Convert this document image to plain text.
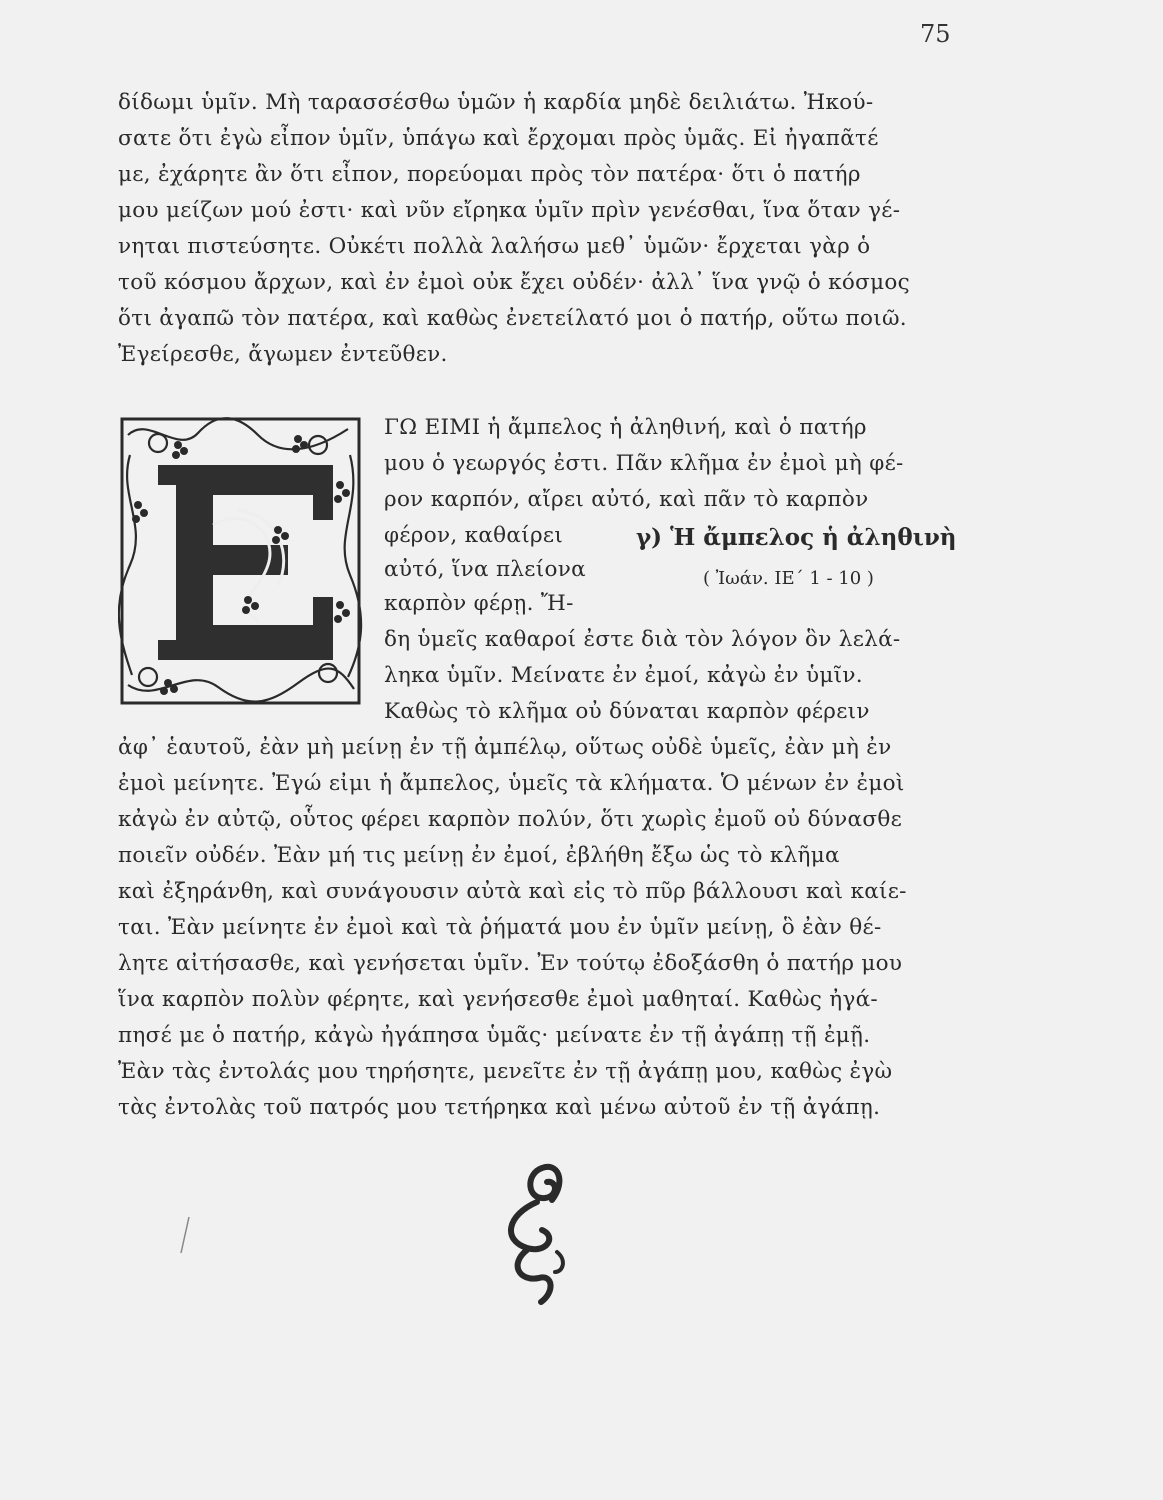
75
δίδωμι ὑμῖν. Μὴ ταρασσέσθω ὑμῶν ἡ καρδία μηδὲ δειλιάτω. Ἠκού-
σατε ὅτι ἐγὼ εἶπον ὑμῖν, ὑπάγω καὶ ἔρχομαι πρὸς ὑμᾶς. Εἰ ἠγαπᾶτέ
με, ἐχάρητε ἂν ὅτι εἶπον, πορεύομαι πρὸς τὸν πατέρα· ὅτι ὁ πατήρ
μου μείζων μού ἐστι· καὶ νῦν εἴρηκα ὑμῖν πρὶν γενέσθαι, ἵνα ὅταν γέ-
νηται πιστεύσητε. Οὐκέτι πολλὰ λαλήσω μεθ᾿ ὑμῶν· ἔρχεται γὰρ ὁ
τοῦ κόσμου ἄρχων, καὶ ἐν ἐμοὶ οὐκ ἔχει οὐδέν· ἀλλ᾿ ἵνα γνῷ ὁ κόσμος
ὅτι ἀγαπῶ τὸν πατέρα, καὶ καθὼς ἐνετείλατό μοι ὁ πατήρ, οὕτω ποιῶ.
Ἐγείρεσθε, ἄγωμεν ἐντεῦθεν.
ΓΩ ΕΙΜΙ ἡ ἄμπελος ἡ ἀληθινή, καὶ ὁ πατήρ
μου ὁ γεωργός ἐστι. Πᾶν κλῆμα ἐν ἐμοὶ μὴ φέ-
ρον καρπόν, αἴρει αὐτό, καὶ πᾶν τὸ καρπὸν
φέρον, καθαίρει
αὐτό, ἵνα πλείονα
καρπὸν φέρῃ. Ἤ-
γ) Ἡ ἄμπελος ἡ ἀληθινὴ
( Ἰωάν. ΙΕ΄ 1 - 10 )
δη ὑμεῖς καθαροί ἐστε διὰ τὸν λόγον ὃν λελά-
ληκα ὑμῖν. Μείνατε ἐν ἐμοί, κἀγὼ ἐν ὑμῖν.
Καθὼς τὸ κλῆμα οὐ δύναται καρπὸν φέρειν
ἀφ᾿ ἑαυτοῦ, ἐὰν μὴ μείνῃ ἐν τῇ ἀμπέλῳ, οὕτως οὐδὲ ὑμεῖς, ἐὰν μὴ ἐν
ἐμοὶ μείνητε. Ἐγώ εἰμι ἡ ἄμπελος, ὑμεῖς τὰ κλήματα. Ὁ μένων ἐν ἐμοὶ
κἀγὼ ἐν αὐτῷ, οὗτος φέρει καρπὸν πολύν, ὅτι χωρὶς ἐμοῦ οὐ δύνασθε
ποιεῖν οὐδέν. Ἐὰν μή τις μείνῃ ἐν ἐμοί, ἐβλήθη ἔξω ὡς τὸ κλῆμα
καὶ ἐξηράνθη, καὶ συνάγουσιν αὐτὰ καὶ εἰς τὸ πῦρ βάλλουσι καὶ καίε-
ται. Ἐὰν μείνητε ἐν ἐμοὶ καὶ τὰ ῥήματά μου ἐν ὑμῖν μείνῃ, ὃ ἐὰν θέ-
λητε αἰτήσασθε, καὶ γενήσεται ὑμῖν. Ἐν τούτῳ ἐδοξάσθη ὁ πατήρ μου
ἵνα καρπὸν πολὺν φέρητε, καὶ γενήσεσθε ἐμοὶ μαθηταί. Καθὼς ἠγά-
πησέ με ὁ πατήρ, κἀγὼ ἠγάπησα ὑμᾶς· μείνατε ἐν τῇ ἀγάπῃ τῇ ἐμῇ.
Ἐὰν τὰς ἐντολάς μου τηρήσητε, μενεῖτε ἐν τῇ ἀγάπῃ μου, καθὼς ἐγὼ
τὰς ἐντολὰς τοῦ πατρός μου τετήρηκα καὶ μένω αὐτοῦ ἐν τῇ ἀγάπῃ.
